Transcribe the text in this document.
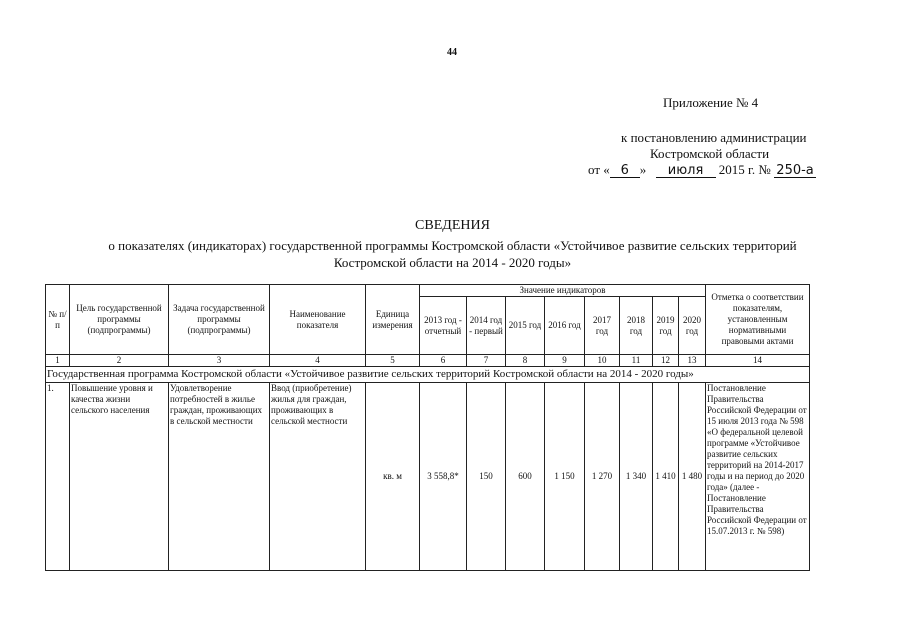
44
Приложение № 4
к постановлению администрации
Костромской области
от « 6 » июля 2015 г. № 250-а
СВЕДЕНИЯ
о показателях (индикаторах) государственной программы Костромской области «Устойчивое развитие сельских территорий
Костромской области на 2014 - 2020 годы»
№ п/п	Цель государственной программы (подпрограммы)	Задача государственной программы (подпрограммы)	Наименование показателя	Единица измерения	Значение индикаторов								Отметка о соответствии показателям, установленным нормативными правовыми актами
					2013 год - отчетный	2014 год - первый	2015 год	2016 год	2017 год	2018 год	2019 год	2020 год	
1	2	3	4	5	6	7	8	9	10	11	12	13	14
Государственная программа Костромской области «Устойчивое развитие сельских территорий Костромской области на 2014 - 2020 годы»													
1.	Повышение уровня и качества жизни сельского населения	Удовлетворение потребностей в жилье граждан, проживающих в сельской местности	Ввод (приобретение) жилья для граждан, проживающих в сельской местности	кв. м	3 558,8*	150	600	1 150	1 270	1 340	1 410	1 480	Постановление Правительства Российской Федерации от 15 июля 2013 года № 598 «О федеральной целевой программе «Устойчивое развитие сельских территорий на 2014-2017 годы и на период до 2020 года» (далее - Постановление Правительства Российской Федерации от 15.07.2013 г. № 598)
